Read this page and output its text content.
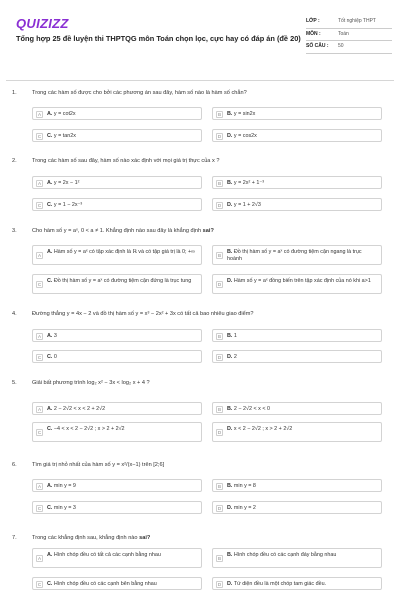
QUIZIZZ
Tổng hợp 25 đề luyện thi THPTQG môn Toán chọn lọc, cực hay có đáp án (đề 20)
LỚP :	Tốt nghiệp THPT
MÔN :	Toán
SỐ CÂU :	50
1.	Trong các hàm số được cho bởi các phương án sau đây, hàm số nào là hàm số chẵn?
A	A. y = cot2x	B	B. y = sin2x
C	C. y = tan2x	D	D. y = cos2x
2.	Trong các hàm số sau đây, hàm số nào xác định với mọi giá trị thực của x ?
A	A. y = 2x − 1²	B	B. y = 2x² + 1⁻³
C	C. y = 1 − 2x⁻³	D	D. y = 1 + 2√3
3.	Cho hàm số y = aˣ, 0 < a ≠ 1. Khẳng định nào sau đây là khẳng định sai?
A
A. Hàm số y = aˣ có tập xác định là ℝ và có tập giá trị là 0; +∞
B
B. Đồ thị hàm số y = aˣ có đường tiệm cận ngang là trục hoành
C
C. Đồ thị hàm số y = aˣ có đường tiệm cận đứng là trục tung
D
D. Hàm số y = aˣ đồng biến trên tập xác định của nó khi a>1
4.	Đường thẳng y = 4x − 2 và đồ thị hàm số y = x³ − 2x² + 3x có tất cả bao nhiêu giao điểm?
A	A. 3	B	B. 1
C	C. 0	D	D. 2
5.	Giải bất phương trình log₂ x² − 3x < log₂ x + 4 ?
A	A. 2 − 2√2 < x < 2 + 2√2	B	B. 2 − 2√2 < x < 0
C
C. −4 < x < 2 − 2√2 ; x > 2 + 2√2
D
D. x < 2 − 2√2 ; x > 2 + 2√2
6.	Tìm giá trị nhỏ nhất của hàm số y = x²/(x−1) trên [2;6]
A	A. min y = 9	B	B. min y = 8
C	C. min y = 3	D	D. min y = 2
7.	Trong các khẳng định sau, khẳng định nào sai?
A
A. Hình chóp đều có tất cả các cạnh bằng nhau
B
B. Hình chóp đều có các cạnh đáy bằng nhau
C	C. Hình chóp đều có các cạnh bên bằng nhau	D	D. Tứ diện đều là một chóp tam giác đều.
